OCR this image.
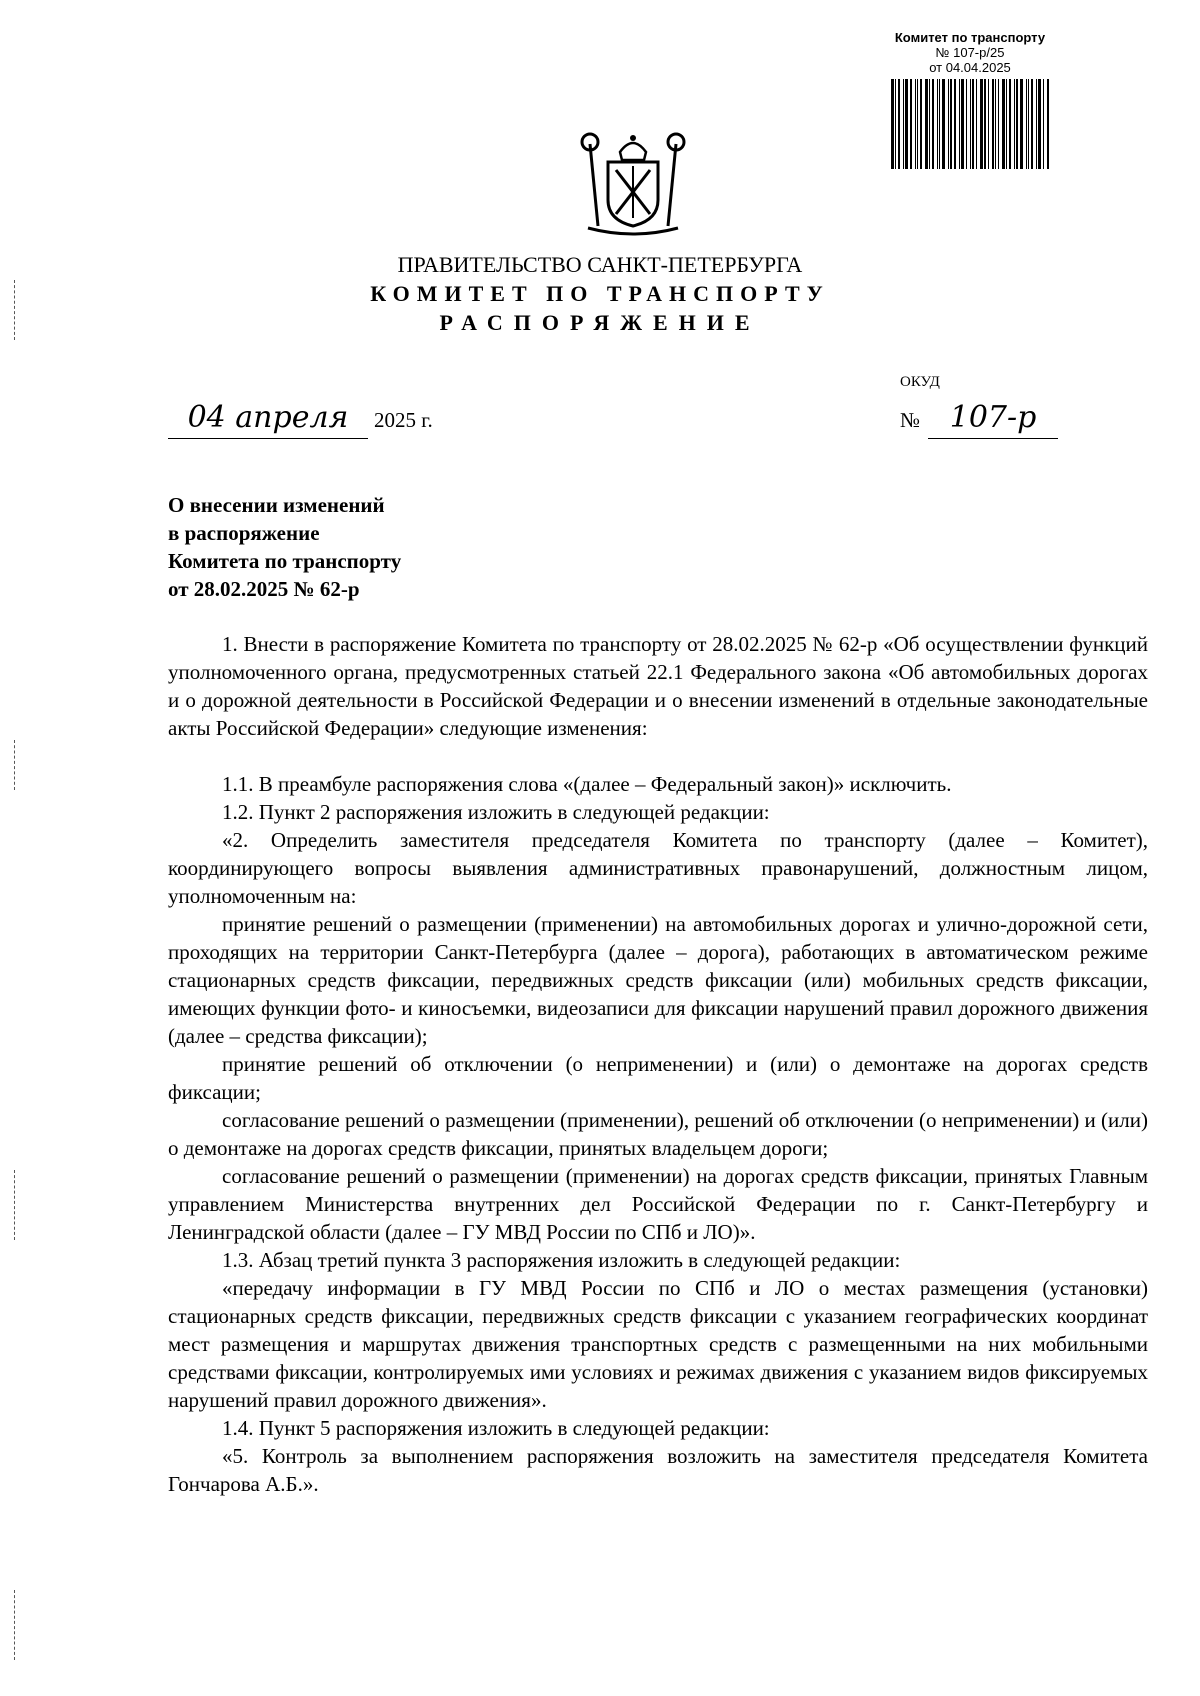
Комитет по транспорту
№ 107-р/25
от 04.04.2025
ПРАВИТЕЛЬСТВО САНКТ-ПЕТЕРБУРГА
КОМИТЕТ ПО ТРАНСПОРТУ
РАСПОРЯЖЕНИЕ
ОКУД
04 апреля 2025 г.	№ 107-р
О внесении изменений
в распоряжение
Комитета по транспорту
от 28.02.2025 № 62-р

1. Внести в распоряжение Комитета по транспорту от 28.02.2025 № 62-р «Об осуществлении функций уполномоченного органа, предусмотренных статьей 22.1 Федерального закона «Об автомобильных дорогах и о дорожной деятельности в Российской Федерации и о внесении изменений в отдельные законодательные акты Российской Федерации» следующие изменения:

1.1. В преамбуле распоряжения слова «(далее – Федеральный закон)» исключить.

1.2. Пункт 2 распоряжения изложить в следующей редакции:

«2. Определить заместителя председателя Комитета по транспорту (далее – Комитет), координирующего вопросы выявления административных правонарушений, должностным лицом, уполномоченным на:

принятие решений о размещении (применении) на автомобильных дорогах и улично-дорожной сети, проходящих на территории Санкт-Петербурга (далее – дорога), работающих в автоматическом режиме стационарных средств фиксации, передвижных средств фиксации (или) мобильных средств фиксации, имеющих функции фото- и киносъемки, видеозаписи для фиксации нарушений правил дорожного движения (далее – средства фиксации);

принятие решений об отключении (о неприменении) и (или) о демонтаже на дорогах средств фиксации;

согласование решений о размещении (применении), решений об отключении (о неприменении) и (или) о демонтаже на дорогах средств фиксации, принятых владельцем дороги;

согласование решений о размещении (применении) на дорогах средств фиксации, принятых Главным управлением Министерства внутренних дел Российской Федерации по г. Санкт-Петербургу и Ленинградской области (далее – ГУ МВД России по СПб и ЛО)».

1.3. Абзац третий пункта 3 распоряжения изложить в следующей редакции:

«передачу информации в ГУ МВД России по СПб и ЛО о местах размещения (установки) стационарных средств фиксации, передвижных средств фиксации с указанием географических координат мест размещения и маршрутах движения транспортных средств с размещенными на них мобильными средствами фиксации, контролируемых ими условиях и режимах движения с указанием видов фиксируемых нарушений правил дорожного движения».

1.4. Пункт 5 распоряжения изложить в следующей редакции:

«5. Контроль за выполнением распоряжения возложить на заместителя председателя Комитета Гончарова А.Б.».
